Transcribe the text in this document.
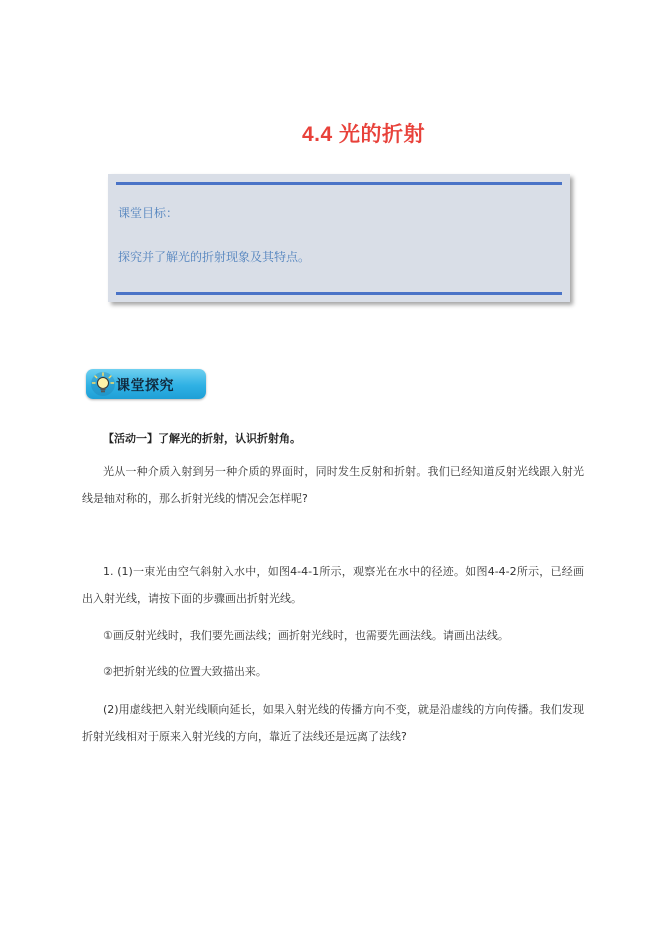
4.4 光的折射
课堂目标：
探究并了解光的折射现象及其特点。
课堂探究
【活动一】了解光的折射，认识折射角。
光从一种介质入射到另一种介质的界面时，同时发生反射和折射。我们已经知道反射光线跟入射光线是轴对称的，那么折射光线的情况会怎样呢?
1. (1)一束光由空气斜射入水中，如图4-4-1所示，观察光在水中的径迹。如图4-4-2所示，已经画出入射光线，请按下面的步骤画出折射光线。
①画反射光线时，我们要先画法线；画折射光线时，也需要先画法线。请画出法线。
②把折射光线的位置大致描出来。
(2)用虚线把入射光线顺向延长，如果入射光线的传播方向不变，就是沿虚线的方向传播。我们发现折射光线相对于原来入射光线的方向，靠近了法线还是远离了法线?
